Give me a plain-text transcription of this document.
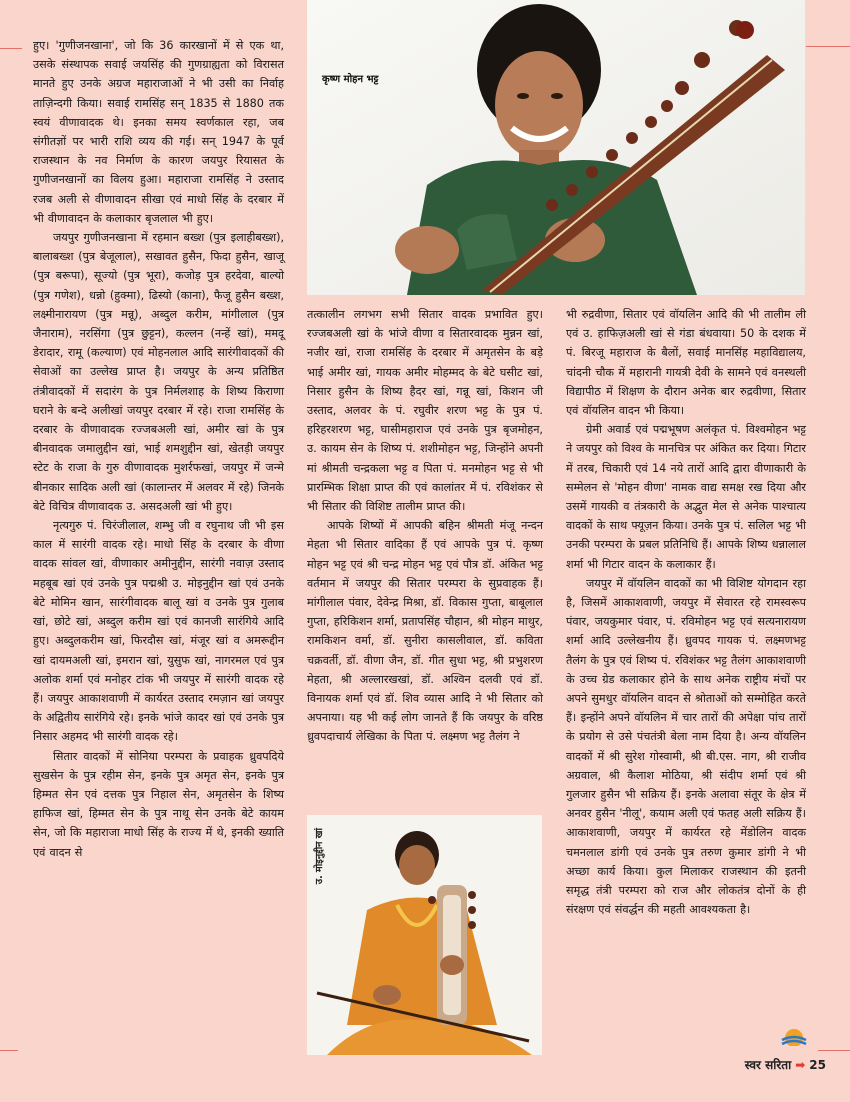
कृष्ण मोहन भट्ट
उ. मोइनुद्दीन खां

हुए। 'गुणीजनखाना', जो कि 36 कारखानों में से एक था, उसके संस्थापक सवाई जयसिंह की गुणग्राह्यता को विरासत मानते हुए उनके अग्रज महाराजाओं ने भी उसी का निर्वाह ताज़िन्दगी किया। सवाई रामसिंह सन् 1835 से 1880 तक स्वयं वीणावादक थे। इनका समय स्वर्णकाल रहा, जब संगीतज्ञों पर भारी राशि व्यय की गई। सन् 1947 के पूर्व राजस्थान के नव निर्माण के कारण जयपुर रियासत के गुणीजनखानों का विलय हुआ। महाराजा रामसिंह ने उस्ताद रजब अली से वीणावादन सीखा एवं माधो सिंह के दरबार में भी वीणावादन के कलाकार बृजलाल भी हुए।

जयपुर गुणीजनखाना में रहमान बख्श (पुत्र इलाहीबख्श), बालाबख्श (पुत्र बेजूलाल), सखावत हुसैन, फिदा हुसैन, खाजू (पुत्र बरूपा), सूज्यो (पुत्र भूरा), कजोड़ पुत्र हरदेवा, बाल्यो (पुत्र गणेश), धन्नो (हुक्मा), ढिस्यो (काना), फैजू हुसैन बख्श, लक्ष्मीनारायण (पुत्र मन्नू), अब्दुल करीम, मांगीलाल (पुत्र जैनाराम), नरसिंगा (पुत्र छुट्टन), कल्लन (नन्हें खां), ममदू डेरादार, रामू (कल्याण) एवं मोहनलाल आदि सारंगीवादकों की सेवाओं का उल्लेख प्राप्त है। जयपुर के अन्य प्रतिष्ठित तंत्रीवादकों में सदारंग के पुत्र निर्मलशाह के शिष्य किराणा घराने के बन्दे अलीखां जयपुर दरबार में रहे। राजा रामसिंह के दरबार के वीणावादक रज्जबअली खां, अमीर खां के पुत्र बीनवादक जमालुद्दीन खां, भाई शमशुद्दीन खां, खेतड़ी जयपुर स्टेट के राजा के गुरु वीणावादक मुशर्रफखां, जयपुर में जन्मे बीनकार सादिक अली खां (कालान्तर में अलवर में रहे) जिनके बेटे विचित्र वीणावादक उ. असदअली खां भी हुए।

नृत्यगुरु पं. चिरंजीलाल, शम्भु जी व रघुनाथ जी भी इस काल में सारंगी वादक रहे। माधो सिंह के दरबार के वीणा वादक सांवल खां, वीणाकार अमीनुद्दीन, सारंगी नवाज़ उस्ताद महबूब खां एवं उनके पुत्र पद्मश्री उ. मोइनुद्दीन खां एवं उनके बेटे मोमिन खान, सारंगीवादक बालू खां व उनके पुत्र गुलाब खां, छोटे खां, अब्दुल करीम खां एवं कानजी सारंगिये आदि हुए। अब्दुलकरीम खां, फिरदौस खां, मंजूर खां व अमरूद्दीन खां दायमअली खां, इमरान खां, युसुफ खां, नागरमल एवं पुत्र अलोक शर्मा एवं मनोहर टांक भी जयपुर में सारंगी वादक रहे हैं। जयपुर आकाशवाणी में कार्यरत उस्ताद रमज़ान खां जयपुर के अद्वितीय सारंगिये रहे। इनके भांजे कादर खां एवं उनके पुत्र निसार अहमद भी सारंगी वादक रहे।

सितार वादकों में सोनिया परम्परा के प्रवाहक ध्रुवपदिये सुखसेन के पुत्र रहीम सेन, इनके पुत्र अमृत सेन, इनके पुत्र हिम्मत सेन एवं दत्तक पुत्र निहाल सेन, अमृतसेन के शिष्य हाफिज खां, हिम्मत सेन के पुत्र नाथू सेन उनके बेटे कायम सेन, जो कि महाराजा माधो सिंह के राज्य में थे, इनकी ख्याति एवं वादन से

तत्कालीन लगभग सभी सितार वादक प्रभावित हुए। रज्जबअली खां के भांजे वीणा व सितारवादक मुन्नन खां, नजीर खां, राजा रामसिंह के दरबार में अमृतसेन के बड़े भाई अमीर खां, गायक अमीर मोहम्मद के बेटे घसीट खां, निसार हुसैन के शिष्य हैदर खां, गन्नू खां, किशन जी उस्ताद, अलवर के पं. रघुवीर शरण भट्ट के पुत्र पं. हरिहरशरण भट्ट, घासीमहाराज एवं उनके पुत्र बृजमोहन, उ. कायम सेन के शिष्य पं. शशीमोहन भट्ट, जिन्होंने अपनी मां श्रीमती चन्द्रकला भट्ट व पिता पं. मनमोहन भट्ट से भी प्रारम्भिक शिक्षा प्राप्त की एवं कालांतर में पं. रविशंकर से भी सितार की विशिष्ट तालीम प्राप्त की।

आपके शिष्यों में आपकी बहिन श्रीमती मंजू नन्दन मेहता भी सितार वादिका हैं एवं आपके पुत्र पं. कृष्ण मोहन भट्ट एवं श्री चन्द्र मोहन भट्ट एवं पौत्र डॉ. अंकित भट्ट वर्तमान में जयपुर की सितार परम्परा के सुप्रवाहक हैं। मांगीलाल पंवार, देवेन्द्र मिश्रा, डॉ. विकास गुप्ता, बाबूलाल गुप्ता, हरिकिशन शर्मा, प्रतापसिंह चौहान, श्री मोहन माथुर, रामकिशन वर्मा, डॉ. सुनीरा कासलीवाल, डॉ. कविता चक्रवर्ती, डॉ. वीणा जैन, डॉ. गीत सुधा भट्ट, श्री प्रभुशरण मेहता, श्री अल्लारखखां, डॉ. अश्विन दलवी एवं डॉ. विनायक शर्मा एवं डॉ. शिव व्यास आदि ने भी सितार को अपनाया। यह भी कई लोग जानते हैं कि जयपुर के वरिष्ठ ध्रुवपदाचार्य लेखिका के पिता पं. लक्ष्मण भट्ट तैलंग ने

भी रुद्रवीणा, सितार एवं वॉयलिन आदि की भी तालीम ली एवं उ. हाफिज़अली खां से गंडा बंधवाया। 50 के दशक में पं. बिरजू महाराज के बैलों, सवाई मानसिंह महाविद्यालय, चांदनी चौक में महारानी गायत्री देवी के सामने एवं वनस्थली विद्यापीठ में शिक्षण के दौरान अनेक बार रुद्रवीणा, सितार एवं वॉयलिन वादन भी किया।

ग्रेमी अवार्ड एवं पद्मभूषण अलंकृत पं. विश्वमोहन भट्ट ने जयपुर को विश्व के मानचित्र पर अंकित कर दिया। गिटार में तरब, चिकारी एवं 14 नये तारों आदि द्वारा वीणाकारी के सम्मेलन से 'मोहन वीणा' नामक वाद्य समक्ष रख दिया और उसमें गायकी व तंत्रकारी के अद्भुत मेल से अनेक पाश्चात्य वादकों के साथ फ्यूज़न किया। उनके पुत्र पं. सलिल भट्ट भी उनकी परम्परा के प्रबल प्रतिनिधि हैं। आपके शिष्य धन्नालाल शर्मा भी गिटार वादन के कलाकार हैं।

जयपुर में वॉयलिन वादकों का भी विशिष्ट योगदान रहा है, जिसमें आकाशवाणी, जयपुर में सेवारत रहे रामस्वरूप पंवार, जयकुमार पंवार, पं. रविमोहन भट्ट एवं सत्यनारायण शर्मा आदि उल्लेखनीय हैं। ध्रुवपद गायक पं. लक्ष्मणभट्ट तैलंग के पुत्र एवं शिष्य पं. रविशंकर भट्ट तैलंग आकाशवाणी के उच्च ग्रेड कलाकार होने के साथ अनेक राष्ट्रीय मंचों पर अपने सुमधुर वॉयलिन वादन से श्रोताओं को सम्मोहित करते हैं। इन्होंने अपने वॉयलिन में चार तारों की अपेक्षा पांच तारों के प्रयोग से उसे पंचतंत्री बेला नाम दिया है। अन्य वॉयलिन वादकों में श्री सुरेश गोस्वामी, श्री बी.एस. नाग, श्री राजीव अग्रवाल, श्री कैलाश मोठिया, श्री संदीप शर्मा एवं श्री गुलजार हुसैन भी सक्रिय हैं। इनके अलावा संतूर के क्षेत्र में अनवर हुसैन 'नीलू', कयाम अली एवं फतह अली सक्रिय हैं। आकाशवाणी, जयपुर में कार्यरत रहे मेंडोलिन वादक चमनलाल डांगी एवं उनके पुत्र तरुण कुमार डांगी ने भी अच्छा कार्य किया। कुल मिलाकर राजस्थान की इतनी समृद्ध तंत्री परम्परा को राज और लोकतंत्र दोनों के ही संरक्षण एवं संवर्द्धन की महती आवश्यकता है।

स्वर सरिता ➡ 25
